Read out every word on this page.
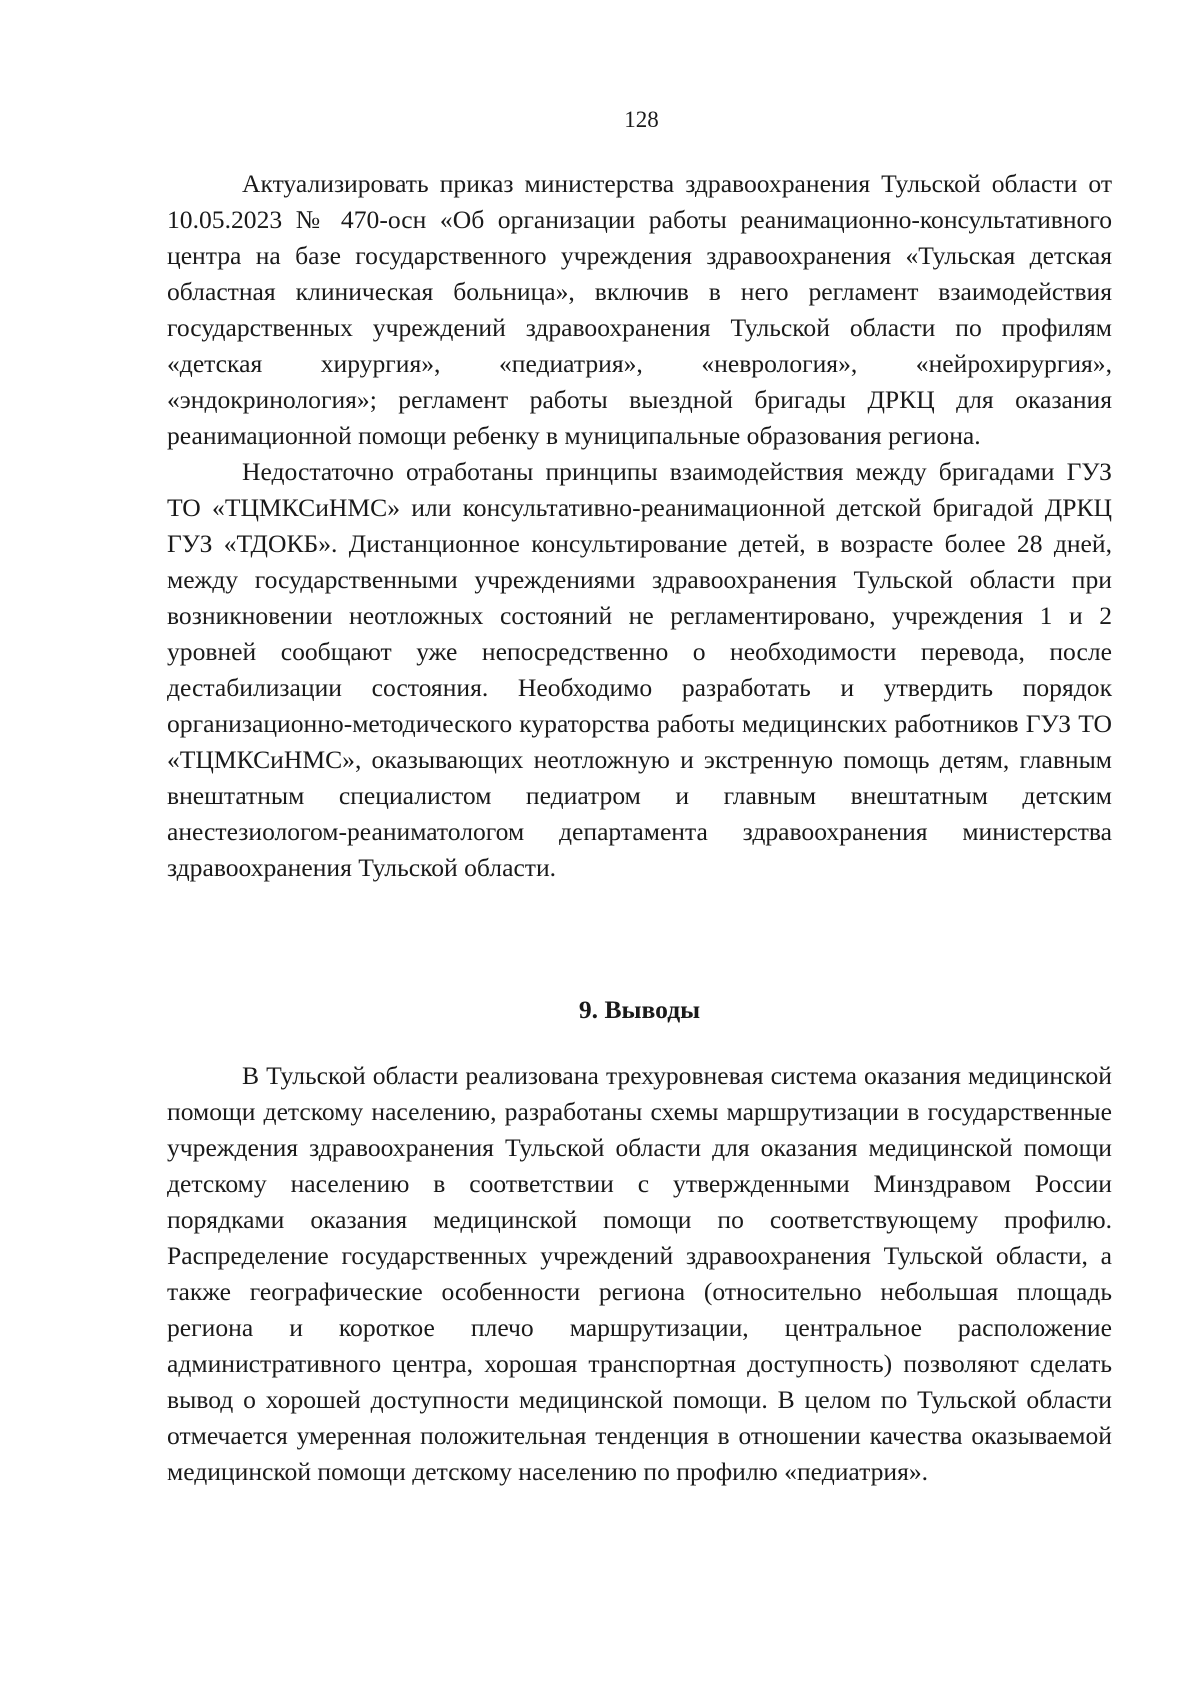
128

Актуализировать приказ министерства здравоохранения Тульской области от 10.05.2023 № 470-осн «Об организации работы реанимационно-консультативного центра на базе государственного учреждения здравоохранения «Тульская детская областная клиническая больница», включив в него регламент взаимодействия государственных учреждений здравоохранения Тульской области по профилям «детская хирургия», «педиатрия», «неврология», «нейрохирургия», «эндокринология»; регламент работы выездной бригады ДРКЦ для оказания реанимационной помощи ребенку в муниципальные образования региона.

Недостаточно отработаны принципы взаимодействия между бригадами ГУЗ ТО «ТЦМКСиНМС» или консультативно-реанимационной детской бригадой ДРКЦ ГУЗ «ТДОКБ». Дистанционное консультирование детей, в возрасте более 28 дней, между государственными учреждениями здравоохранения Тульской области при возникновении неотложных состояний не регламентировано, учреждения 1 и 2 уровней сообщают уже непосредственно о необходимости перевода, после дестабилизации состояния. Необходимо разработать и утвердить порядок организационно-методического кураторства работы медицинских работников ГУЗ ТО «ТЦМКСиНМС», оказывающих неотложную и экстренную помощь детям, главным внештатным специалистом педиатром и главным внештатным детским анестезиологом-реаниматологом департамента здравоохранения министерства здравоохранения Тульской области.

9. Выводы

В Тульской области реализована трехуровневая система оказания медицинской помощи детскому населению, разработаны схемы маршрутизации в государственные учреждения здравоохранения Тульской области для оказания медицинской помощи детскому населению в соответствии с утвержденными Минздравом России порядками оказания медицинской помощи по соответствующему профилю. Распределение государственных учреждений здравоохранения Тульской области, а также географические особенности региона (относительно небольшая площадь региона и короткое плечо маршрутизации, центральное расположение административного центра, хорошая транспортная доступность) позволяют сделать вывод о хорошей доступности медицинской помощи. В целом по Тульской области отмечается умеренная положительная тенденция в отношении качества оказываемой медицинской помощи детскому населению по профилю «педиатрия».
